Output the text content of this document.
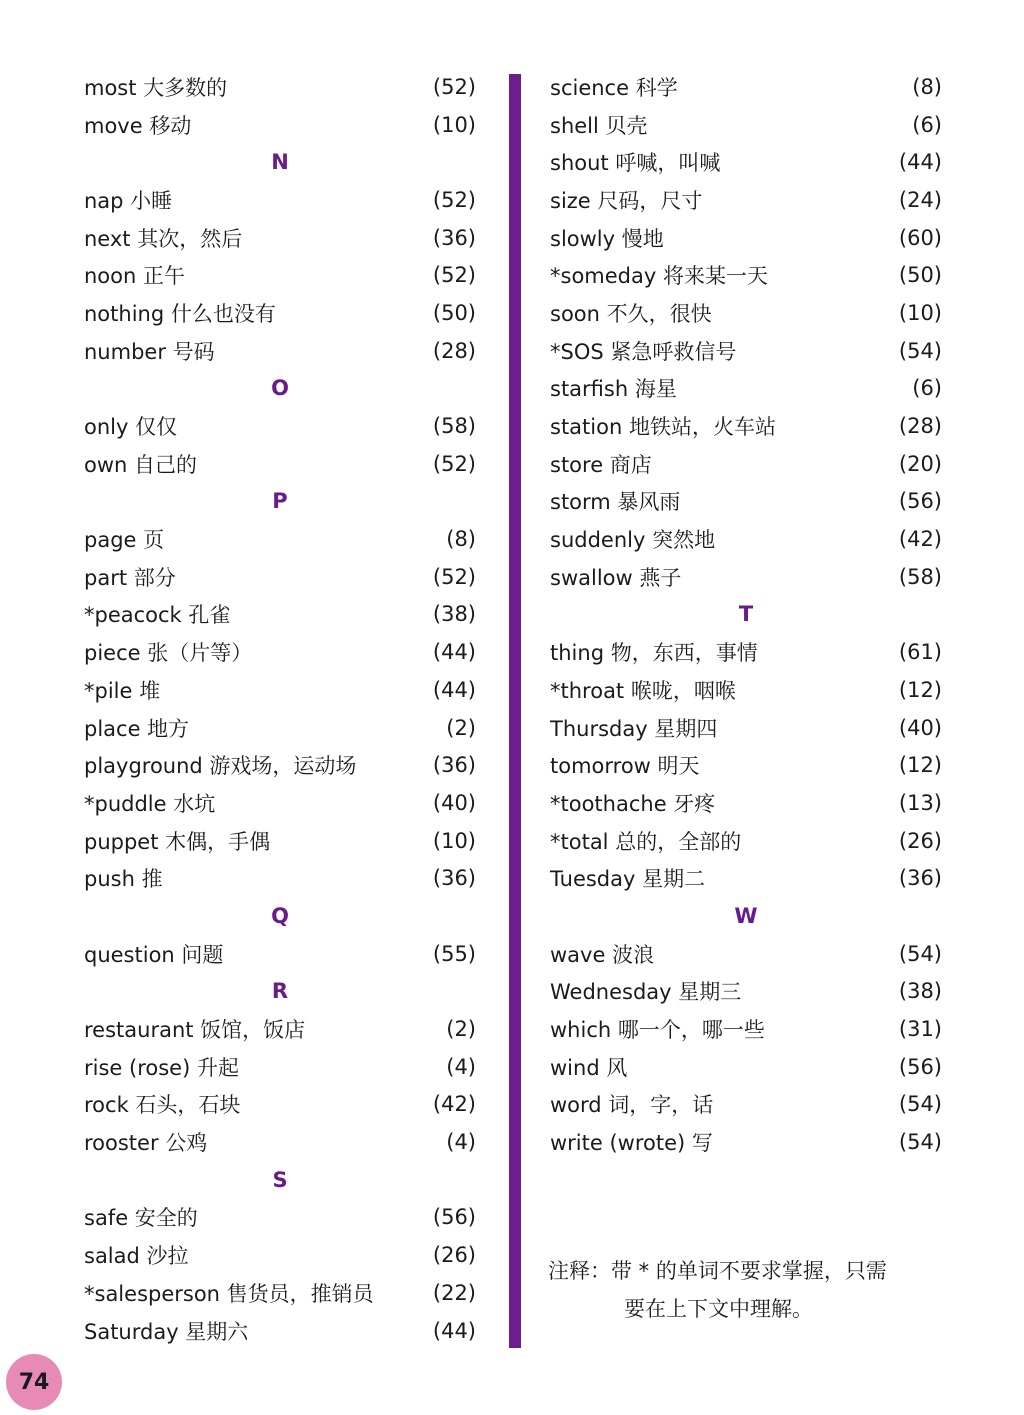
most 大多数的	(52)
move 移动	(10)
N
nap 小睡	(52)
next 其次，然后	(36)
noon 正午	(52)
nothing 什么也没有	(50)
number 号码	(28)
O
only 仅仅	(58)
own 自己的	(52)
P
page 页	(8)
part 部分	(52)
*peacock 孔雀	(38)
piece 张（片等）	(44)
*pile 堆	(44)
place 地方	(2)
playground 游戏场，运动场	(36)
*puddle 水坑	(40)
puppet 木偶，手偶	(10)
push 推	(36)
Q
question 问题	(55)
R
restaurant 饭馆，饭店	(2)
rise (rose) 升起	(4)
rock 石头，石块	(42)
rooster 公鸡	(4)
S
safe 安全的	(56)
salad 沙拉	(26)
*salesperson 售货员，推销员	(22)
Saturday 星期六	(44)
science 科学	(8)
shell 贝壳	(6)
shout 呼喊，叫喊	(44)
size 尺码，尺寸	(24)
slowly 慢地	(60)
*someday 将来某一天	(50)
soon 不久，很快	(10)
*SOS 紧急呼救信号	(54)
starfish 海星	(6)
station 地铁站，火车站	(28)
store 商店	(20)
storm 暴风雨	(56)
suddenly 突然地	(42)
swallow 燕子	(58)
T
thing 物，东西，事情	(61)
*throat 喉咙，咽喉	(12)
Thursday 星期四	(40)
tomorrow 明天	(12)
*toothache 牙疼	(13)
*total 总的，全部的	(26)
Tuesday 星期二	(36)
W
wave 波浪	(54)
Wednesday 星期三	(38)
which 哪一个，哪一些	(31)
wind 风	(56)
word 词，字，话	(54)
write (wrote) 写	(54)
注释：带 * 的单词不要求掌握，只需
要在上下文中理解。
74
